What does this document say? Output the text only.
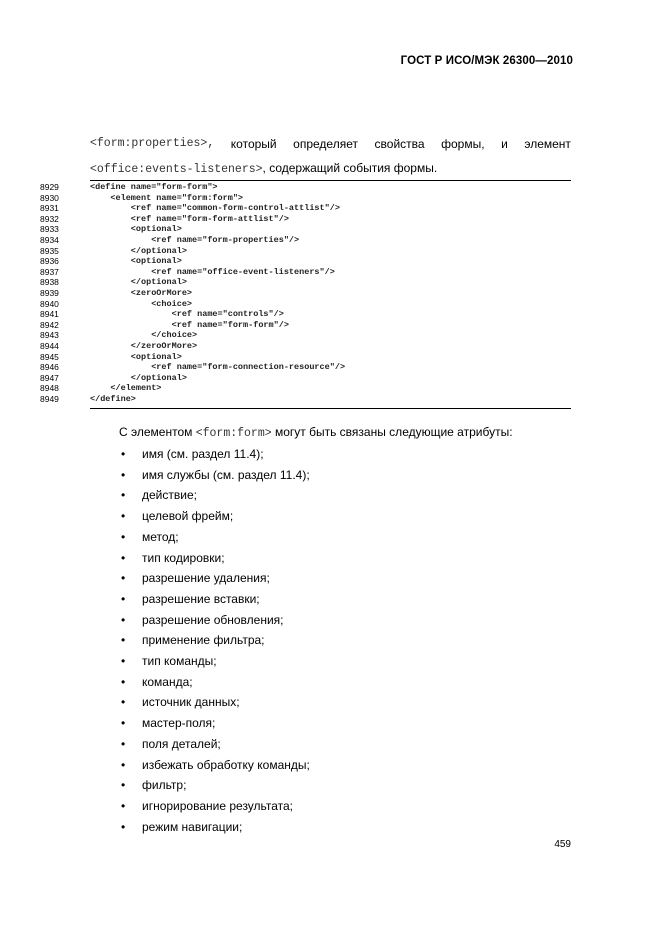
ГОСТ Р ИСО/МЭК 26300—2010
<form:properties>, который определяет свойства формы, и элемент
<office:events-listeners>, содержащий события формы.
8929	<define name="form-form">
8930	<element name="form:form">
8931	<ref name="common-form-control-attlist"/>
8932	<ref name="form-form-attlist"/>
8933	<optional>
8934	<ref name="form-properties"/>
8935	</optional>
8936	<optional>
8937	<ref name="office-event-listeners"/>
8938	</optional>
8939	<zeroOrMore>
8940	<choice>
8941	<ref name="controls"/>
8942	<ref name="form-form"/>
8943	</choice>
8944	</zeroOrMore>
8945	<optional>
8946	<ref name="form-connection-resource"/>
8947	</optional>
8948	</element>
8949	</define>
С элементом <form:form> могут быть связаны следующие атрибуты:
• имя (см. раздел 11.4);
• имя службы (см. раздел 11.4);
• действие;
• целевой фрейм;
• метод;
• тип кодировки;
• разрешение удаления;
• разрешение вставки;
• разрешение обновления;
• применение фильтра;
• тип команды;
• команда;
• источник данных;
• мастер-поля;
• поля деталей;
• избежать обработку команды;
• фильтр;
• игнорирование результата;
• режим навигации;
459
